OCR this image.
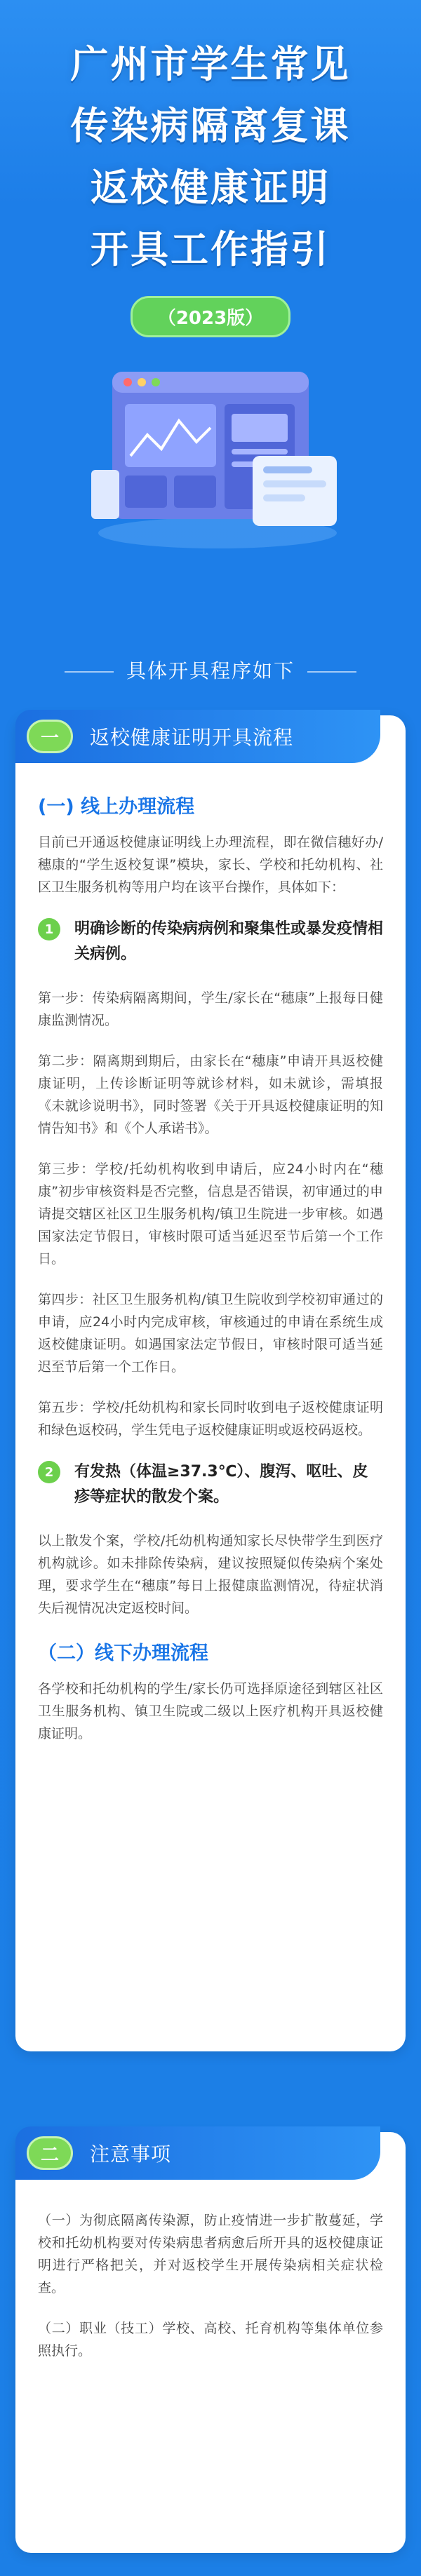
广州市学生常见
传染病隔离复课
返校健康证明
开具工作指引
（2023版）
具体开具程序如下
一	返校健康证明开具流程
(一) 线上办理流程

目前已开通返校健康证明线上办理流程，即在微信穗好办/穗康的“学生返校复课”模块，家长、学校和托幼机构、社区卫生服务机构等用户均在该平台操作，具体如下：

1	明确诊断的传染病病例和聚集性或暴发疫情相关病例。

第一步：传染病隔离期间，学生/家长在“穗康”上报每日健康监测情况。

第二步：隔离期到期后，由家长在“穗康”申请开具返校健康证明，上传诊断证明等就诊材料，如未就诊，需填报《未就诊说明书》，同时签署《关于开具返校健康证明的知情告知书》和《个人承诺书》。

第三步：学校/托幼机构收到申请后，应24小时内在“穗康”初步审核资料是否完整，信息是否错误，初审通过的申请提交辖区社区卫生服务机构/镇卫生院进一步审核。如遇国家法定节假日，审核时限可适当延迟至节后第一个工作日。

第四步：社区卫生服务机构/镇卫生院收到学校初审通过的申请，应24小时内完成审核，审核通过的申请在系统生成返校健康证明。如遇国家法定节假日，审核时限可适当延迟至节后第一个工作日。

第五步：学校/托幼机构和家长同时收到电子返校健康证明和绿色返校码，学生凭电子返校健康证明或返校码返校。

2	有发热（体温≥37.3℃）、腹泻、呕吐、皮疹等症状的散发个案。

以上散发个案，学校/托幼机构通知家长尽快带学生到医疗机构就诊。如未排除传染病，建议按照疑似传染病个案处理，要求学生在“穗康”每日上报健康监测情况，待症状消失后视情况决定返校时间。

（二）线下办理流程

各学校和托幼机构的学生/家长仍可选择原途径到辖区社区卫生服务机构、镇卫生院或二级以上医疗机构开具返校健康证明。

二	注意事项

（一）为彻底隔离传染源，防止疫情进一步扩散蔓延，学校和托幼机构要对传染病患者病愈后所开具的返校健康证明进行严格把关，并对返校学生开展传染病相关症状检查。

（二）职业（技工）学校、高校、托育机构等集体单位参照执行。
